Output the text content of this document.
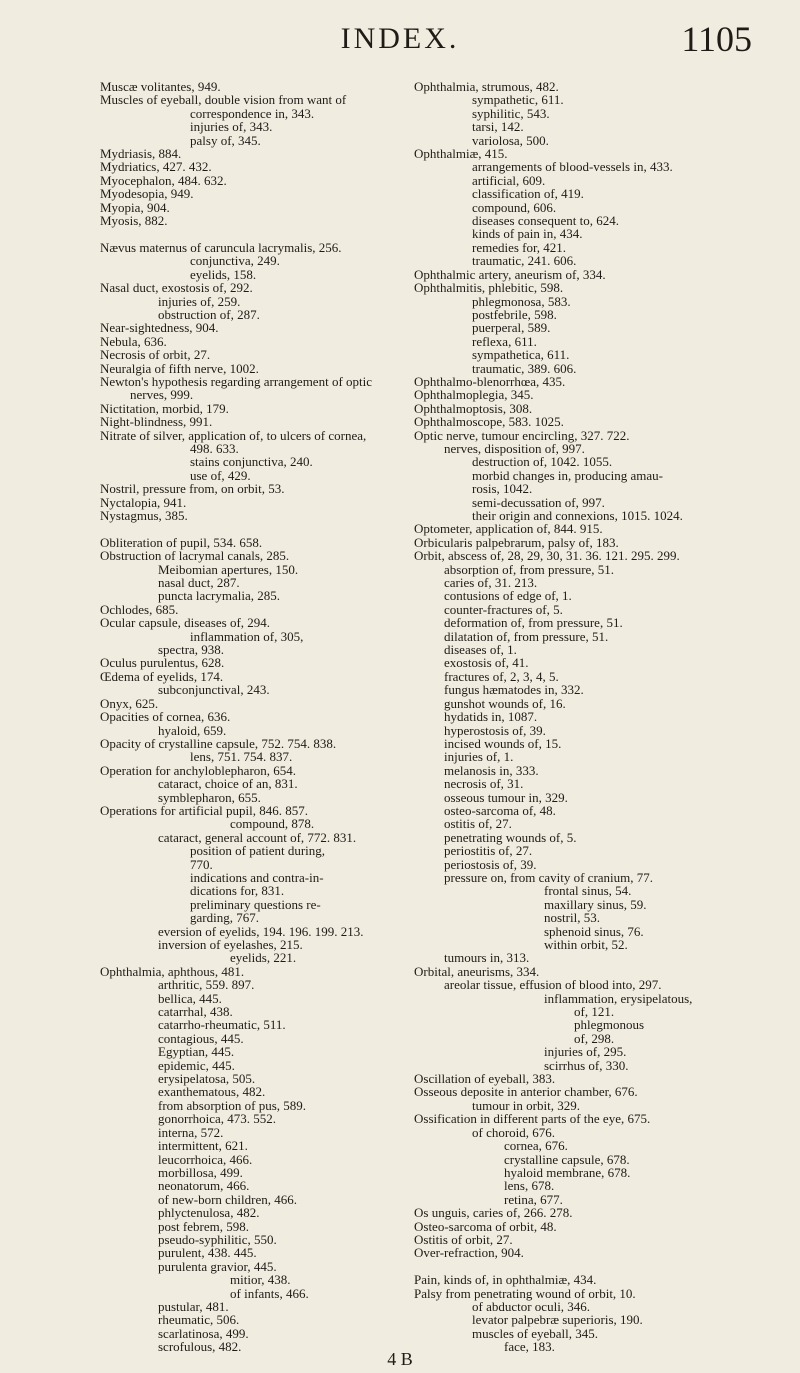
INDEX.	1105
Muscæ volitantes, 949.
Muscles of eyeball, double vision from want of
correspondence in, 343.
injuries of, 343.
palsy of, 345.
Mydriasis, 884.
Mydriatics, 427. 432.
Myocephalon, 484. 632.
Myodesopia, 949.
Myopia, 904.
Myosis, 882.
Nævus maternus of caruncula lacrymalis, 256.
conjunctiva, 249.
eyelids, 158.
Nasal duct, exostosis of, 292.
injuries of, 259.
obstruction of, 287.
Near-sightedness, 904.
Nebula, 636.
Necrosis of orbit, 27.
Neuralgia of fifth nerve, 1002.
Newton's hypothesis regarding arrangement of optic
nerves, 999.
Nictitation, morbid, 179.
Night-blindness, 991.
Nitrate of silver, application of, to ulcers of cornea,
498. 633.
stains conjunctiva, 240.
use of, 429.
Nostril, pressure from, on orbit, 53.
Nyctalopia, 941.
Nystagmus, 385.
Obliteration of pupil, 534. 658.
Obstruction of lacrymal canals, 285.
Meibomian apertures, 150.
nasal duct, 287.
puncta lacrymalia, 285.
Ochlodes, 685.
Ocular capsule, diseases of, 294.
inflammation of, 305,
spectra, 938.
Oculus purulentus, 628.
Œdema of eyelids, 174.
subconjunctival, 243.
Onyx, 625.
Opacities of cornea, 636.
hyaloid, 659.
Opacity of crystalline capsule, 752. 754. 838.
lens, 751. 754. 837.
Operation for anchyloblepharon, 654.
cataract, choice of an, 831.
symblepharon, 655.
Operations for artificial pupil, 846. 857.
compound, 878.
cataract, general account of, 772. 831.
position of patient during,
770.
indications and contra-in-
dications for, 831.
preliminary questions re-
garding, 767.
eversion of eyelids, 194. 196. 199. 213.
inversion of eyelashes, 215.
eyelids, 221.
Ophthalmia, aphthous, 481.
arthritic, 559. 897.
bellica, 445.
catarrhal, 438.
catarrho-rheumatic, 511.
contagious, 445.
Egyptian, 445.
epidemic, 445.
erysipelatosa, 505.
exanthematous, 482.
from absorption of pus, 589.
gonorrhoica, 473. 552.
interna, 572.
intermittent, 621.
leucorrhoica, 466.
morbillosa, 499.
neonatorum, 466.
of new-born children, 466.
phlyctenulosa, 482.
post febrem, 598.
pseudo-syphilitic, 550.
purulent, 438. 445.
purulenta gravior, 445.
mitior, 438.
of infants, 466.
pustular, 481.
rheumatic, 506.
scarlatinosa, 499.
scrofulous, 482.
Ophthalmia, strumous, 482.
sympathetic, 611.
syphilitic, 543.
tarsi, 142.
variolosa, 500.
Ophthalmiæ, 415.
arrangements of blood-vessels in, 433.
artificial, 609.
classification of, 419.
compound, 606.
diseases consequent to, 624.
kinds of pain in, 434.
remedies for, 421.
traumatic, 241. 606.
Ophthalmic artery, aneurism of, 334.
Ophthalmitis, phlebitic, 598.
phlegmonosa, 583.
postfebrile, 598.
puerperal, 589.
reflexa, 611.
sympathetica, 611.
traumatic, 389. 606.
Ophthalmo-blenorrhœa, 435.
Ophthalmoplegia, 345.
Ophthalmoptosis, 308.
Ophthalmoscope, 583. 1025.
Optic nerve, tumour encircling, 327. 722.
nerves, disposition of, 997.
destruction of, 1042. 1055.
morbid changes in, producing amau-
rosis, 1042.
semi-decussation of, 997.
their origin and connexions, 1015. 1024.
Optometer, application of, 844. 915.
Orbicularis palpebrarum, palsy of, 183.
Orbit, abscess of, 28, 29, 30, 31. 36. 121. 295. 299.
absorption of, from pressure, 51.
caries of, 31. 213.
contusions of edge of, 1.
counter-fractures of, 5.
deformation of, from pressure, 51.
dilatation of, from pressure, 51.
diseases of, 1.
exostosis of, 41.
fractures of, 2, 3, 4, 5.
fungus hæmatodes in, 332.
gunshot wounds of, 16.
hydatids in, 1087.
hyperostosis of, 39.
incised wounds of, 15.
injuries of, 1.
melanosis in, 333.
necrosis of, 31.
osseous tumour in, 329.
osteo-sarcoma of, 48.
ostitis of, 27.
penetrating wounds of, 5.
periostitis of, 27.
periostosis of, 39.
pressure on, from cavity of cranium, 77.
frontal sinus, 54.
maxillary sinus, 59.
nostril, 53.
sphenoid sinus, 76.
within orbit, 52.
tumours in, 313.
Orbital, aneurisms, 334.
areolar tissue, effusion of blood into, 297.
inflammation, erysipelatous,
of, 121.
phlegmonous
of, 298.
injuries of, 295.
scirrhus of, 330.
Oscillation of eyeball, 383.
Osseous deposite in anterior chamber, 676.
tumour in orbit, 329.
Ossification in different parts of the eye, 675.
of choroid, 676.
cornea, 676.
crystalline capsule, 678.
hyaloid membrane, 678.
lens, 678.
retina, 677.
Os unguis, caries of, 266. 278.
Osteo-sarcoma of orbit, 48.
Ostitis of orbit, 27.
Over-refraction, 904.
Pain, kinds of, in ophthalmiæ, 434.
Palsy from penetrating wound of orbit, 10.
of abductor oculi, 346.
levator palpebræ superioris, 190.
muscles of eyeball, 345.
face, 183.
4 B
